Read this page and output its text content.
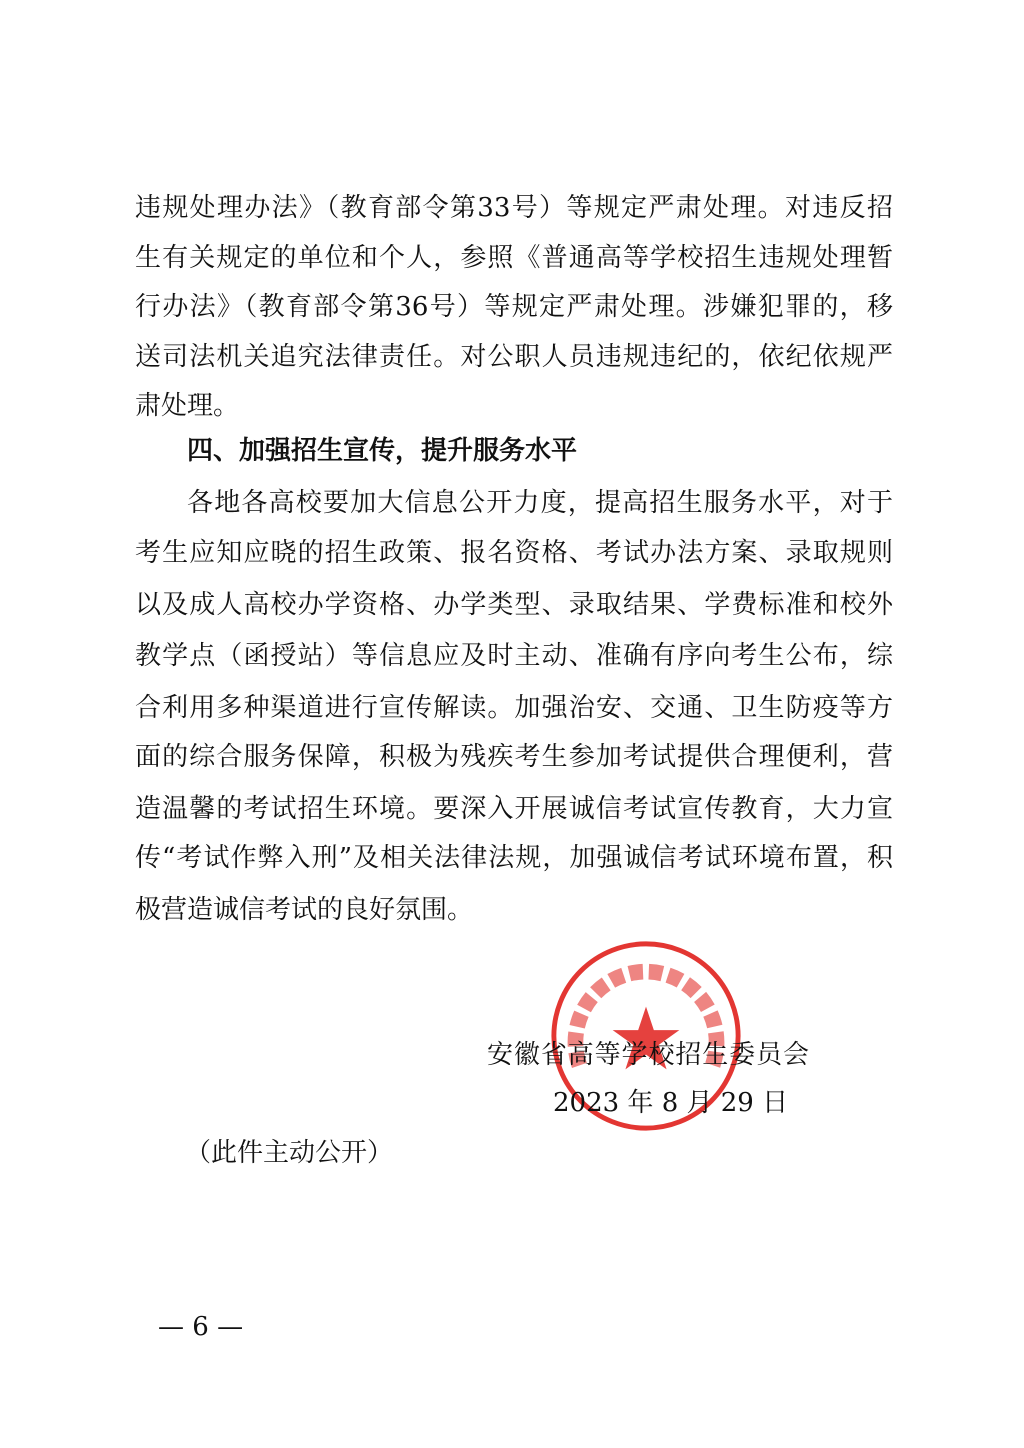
违规处理办法》（教育部令第33号）等规定严肃处理。对违反招
生有关规定的单位和个人，参照《普通高等学校招生违规处理暂
行办法》（教育部令第36号）等规定严肃处理。涉嫌犯罪的，移
送司法机关追究法律责任。对公职人员违规违纪的，依纪依规严
肃处理。
四、加强招生宣传，提升服务水平
各地各高校要加大信息公开力度，提高招生服务水平，对于
考生应知应晓的招生政策、报名资格、考试办法方案、录取规则
以及成人高校办学资格、办学类型、录取结果、学费标准和校外
教学点（函授站）等信息应及时主动、准确有序向考生公布，综
合利用多种渠道进行宣传解读。加强治安、交通、卫生防疫等方
面的综合服务保障，积极为残疾考生参加考试提供合理便利，营
造温馨的考试招生环境。要深入开展诚信考试宣传教育，大力宣
传“考试作弊入刑”及相关法律法规，加强诚信考试环境布置，积
极营造诚信考试的良好氛围。
安徽省高等学校招生委员会
2023 年 8 月 29 日
（此件主动公开）
— 6 —
